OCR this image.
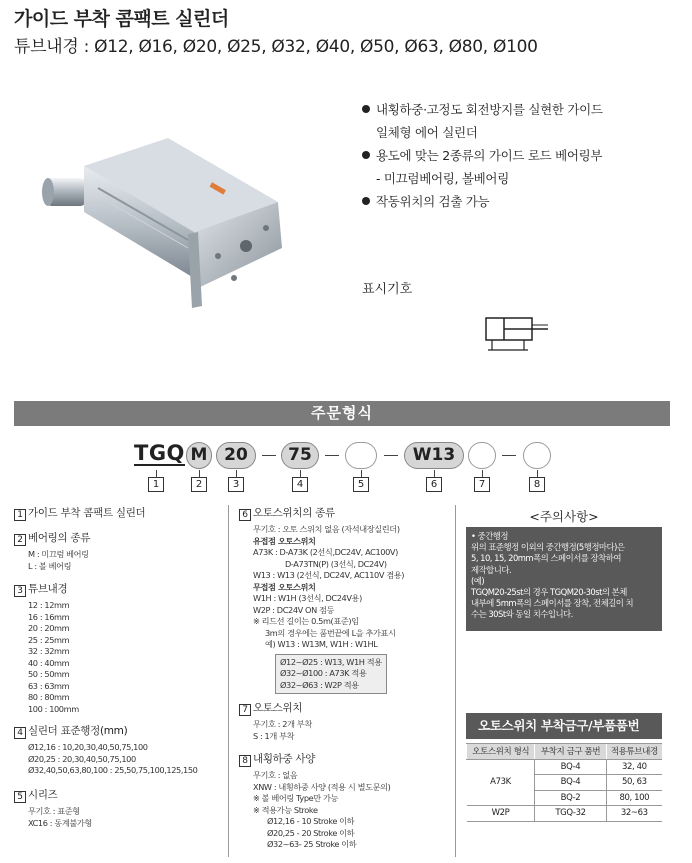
가이드 부착 콤팩트 실린더
튜브내경 : Ø12, Ø16, Ø20, Ø25, Ø32, Ø40, Ø50, Ø63, Ø80, Ø100
내횡하중·고정도 회전방지를 실현한 가이드
일체형 에어 실린더
용도에 맞는 2종류의 가이드 로드 베어링부
- 미끄럼베어링, 볼베어링
작동위치의 검출 가능
표시기호
주문형식
TGQ M 20	75	W13
1	2	3	4	5	6	7	8
1 가이드 부착 콤팩트 실린더
2 베어링의 종류
M : 미끄럼 베어링
L : 볼 베어링
3 튜브내경
12 : 12mm
16 : 16mm
20 : 20mm
25 : 25mm
32 : 32mm
40 : 40mm
50 : 50mm
63 : 63mm
80 : 80mm
100 : 100mm
4 실린더 표준행정(mm)
Ø12,16 : 10,20,30,40,50,75,100
Ø20,25 : 20,30,40,50,75,100
Ø32,40,50,63,80,100 : 25,50,75,100,125,150
5 시리즈
무기호 : 표준형
XC16 : 동계불가형
6 오토스위치의 종류
무기호 : 오토 스위치 없음 (자석내장실린더)
유접점 오토스위치
A73K : D-A73K (2선식,DC24V, AC100V)
D-A73TN(P) (3선식, DC24V)
W13 : W13 (2선식, DC24V, AC110V 겸용)
무접점 오토스위치
W1H : W1H (3선식, DC24V용)
W2P : DC24V ON 점등
※ 리드선 길이는 0.5m(표준)임
3m의 경우에는 품번끝에 L을 추가표시
예) W13 : W13M, W1H : W1HL
Ø12~Ø25 : W13, W1H 적용
Ø32~Ø100 : A73K 적용
Ø32~Ø63 : W2P 적용
7 오토스위치
무기호 : 2개 부착
S : 1개 부착
8 내횡하중 사양
무기호 : 없음
XNW : 내횡하중 사양 (적용 시 별도문의)
※ 볼 베어링 Type만 가능
※ 적용가능 Stroke
Ø12,16 - 10 Stroke 이하
Ø20,25 - 20 Stroke 이하
Ø32~63- 25 Stroke 이하
<주의사항>
• 중간행정
위의 표준행정 이외의 중간행정(5행정마다)은
5, 10, 15, 20mm폭의 스페이서를 장착하여
제작합니다.
(예)
TGQM20-25st의 경우 TGQM20-30st의 본체
내부에 5mm폭의 스페이서를 장착, 전체길이 치
수는 30St와 동일 치수입니다.
오토스위치 부착금구/부품품번
오토스위치 형식	부착지 금구 품번	적용튜브내경
A73K	BQ-4	32, 40
	BQ-4	50, 63
	BQ-2	80, 100
W2P	TGQ-32	32~63
